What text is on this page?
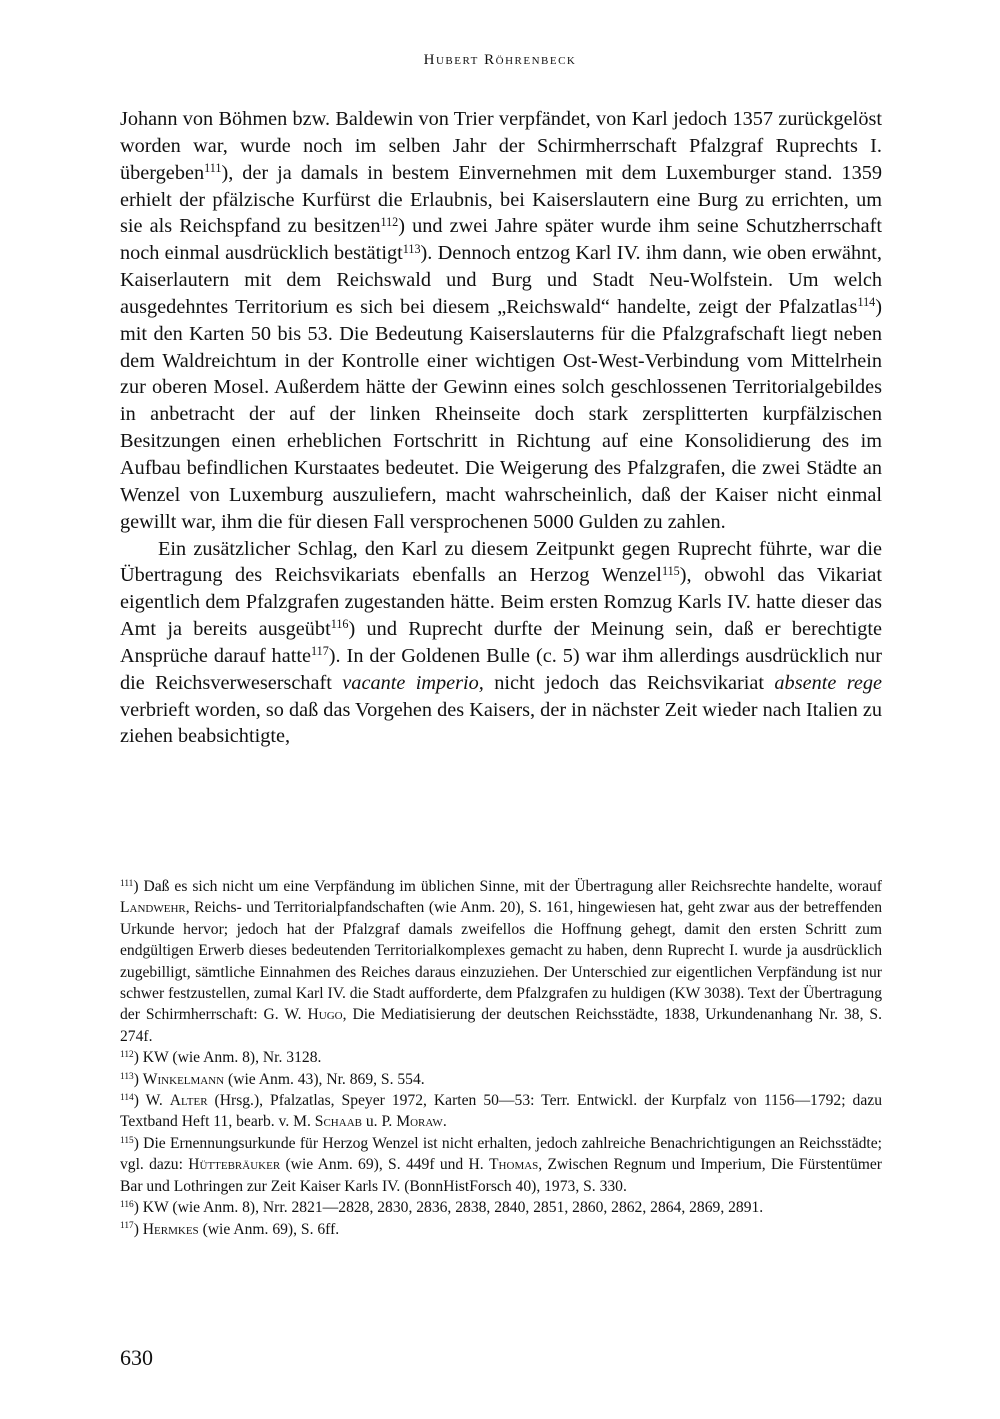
Hubert Röhrenbeck

Johann von Böhmen bzw. Baldewin von Trier verpfändet, von Karl jedoch 1357 zurückgelöst worden war, wurde noch im selben Jahr der Schirmherrschaft Pfalzgraf Ruprechts I. übergeben$^{111}$), der ja damals in bestem Einvernehmen mit dem Luxemburger stand. 1359 erhielt der pfälzische Kurfürst die Erlaubnis, bei Kaiserslautern eine Burg zu errichten, um sie als Reichspfand zu besitzen$^{112}$) und zwei Jahre später wurde ihm seine Schutzherrschaft noch einmal ausdrücklich bestätigt$^{113}$). Dennoch entzog Karl IV. ihm dann, wie oben erwähnt, Kaiserlautern mit dem Reichswald und Burg und Stadt Neu-Wolfstein. Um welch ausgedehntes Territorium es sich bei diesem „Reichswald“ handelte, zeigt der Pfalzatlas$^{114}$) mit den Karten 50 bis 53. Die Bedeutung Kaiserslauterns für die Pfalzgrafschaft liegt neben dem Waldreichtum in der Kontrolle einer wichtigen Ost-West-Verbindung vom Mittelrhein zur oberen Mosel. Außerdem hätte der Gewinn eines solch geschlossenen Territorialgebildes in anbetracht der auf der linken Rheinseite doch stark zersplitterten kurpfälzischen Besitzungen einen erheblichen Fortschritt in Richtung auf eine Konsolidierung des im Aufbau befindlichen Kurstaates bedeutet. Die Weigerung des Pfalzgrafen, die zwei Städte an Wenzel von Luxemburg auszuliefern, macht wahrscheinlich, daß der Kaiser nicht einmal gewillt war, ihm die für diesen Fall versprochenen 5000 Gulden zu zahlen.

Ein zusätzlicher Schlag, den Karl zu diesem Zeitpunkt gegen Ruprecht führte, war die Übertragung des Reichsvikariats ebenfalls an Herzog Wenzel$^{115}$), obwohl das Vikariat eigentlich dem Pfalzgrafen zugestanden hätte. Beim ersten Romzug Karls IV. hatte dieser das Amt ja bereits ausgeübt$^{116}$) und Ruprecht durfte der Meinung sein, daß er berechtigte Ansprüche darauf hatte$^{117}$). In der Goldenen Bulle (c. 5) war ihm allerdings ausdrücklich nur die Reichsverweserschaft vacante imperio, nicht jedoch das Reichsvikariat absente rege verbrieft worden, so daß das Vorgehen des Kaisers, der in nächster Zeit wieder nach Italien zu ziehen beabsichtigte,

$^{111}$) Daß es sich nicht um eine Verpfändung im üblichen Sinne, mit der Übertragung aller Reichsrechte handelte, worauf Landwehr, Reichs- und Territorialpfandschaften (wie Anm. 20), S. 161, hingewiesen hat, geht zwar aus der betreffenden Urkunde hervor; jedoch hat der Pfalzgraf damals zweifellos die Hoffnung gehegt, damit den ersten Schritt zum endgültigen Erwerb dieses bedeutenden Territorialkomplexes gemacht zu haben, denn Ruprecht I. wurde ja ausdrücklich zugebilligt, sämtliche Einnahmen des Reiches daraus einzuziehen. Der Unterschied zur eigentlichen Verpfändung ist nur schwer festzustellen, zumal Karl IV. die Stadt aufforderte, dem Pfalzgrafen zu huldigen (KW 3038). Text der Übertragung der Schirmherrschaft: G. W. Hugo, Die Mediatisierung der deutschen Reichsstädte, 1838, Urkundenanhang Nr. 38, S. 274f.

$^{112}$) KW (wie Anm. 8), Nr. 3128.

$^{113}$) Winkelmann (wie Anm. 43), Nr. 869, S. 554.

$^{114}$) W. Alter (Hrsg.), Pfalzatlas, Speyer 1972, Karten 50—53: Terr. Entwickl. der Kurpfalz von 1156—1792; dazu Textband Heft 11, bearb. v. M. Schaab u. P. Moraw.

$^{115}$) Die Ernennungsurkunde für Herzog Wenzel ist nicht erhalten, jedoch zahlreiche Benachrichtigungen an Reichsstädte; vgl. dazu: Hüttebräuker (wie Anm. 69), S. 449f und H. Thomas, Zwischen Regnum und Imperium, Die Fürstentümer Bar und Lothringen zur Zeit Kaiser Karls IV. (BonnHistForsch 40), 1973, S. 330.

$^{116}$) KW (wie Anm. 8), Nrr. 2821—2828, 2830, 2836, 2838, 2840, 2851, 2860, 2862, 2864, 2869, 2891.

$^{117}$) Hermkes (wie Anm. 69), S. 6ff.

630
